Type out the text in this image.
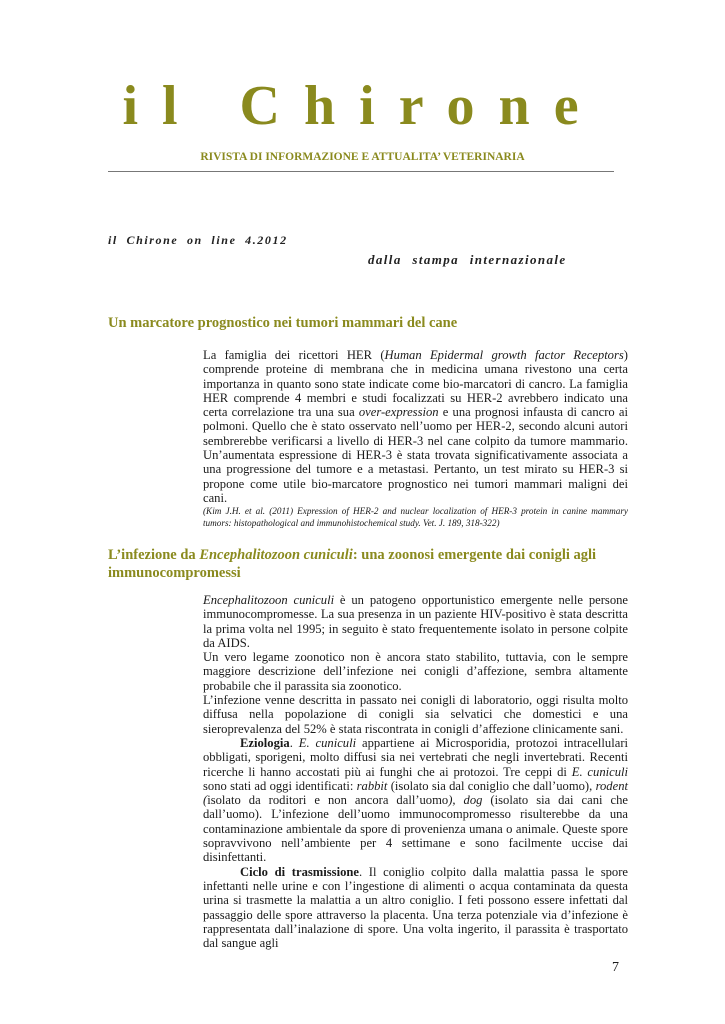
il Chirone
RIVISTA DI INFORMAZIONE E ATTUALITA’ VETERINARIA
il Chirone on line 4.2012
dalla stampa internazionale
Un marcatore prognostico nei tumori mammari del cane

La famiglia dei ricettori HER (Human Epidermal growth factor Receptors) comprende proteine di membrana che in medicina umana rivestono una certa importanza in quanto sono state indicate come bio-marcatori di cancro. La famiglia HER comprende 4 membri e studi focalizzati su HER-2 avrebbero indicato una certa correlazione tra una sua over-expression e una prognosi infausta di cancro ai polmoni. Quello che è stato osservato nell’uomo per HER-2, secondo alcuni autori sembrerebbe verificarsi a livello di HER-3 nel cane colpito da tumore mammario. Un’aumentata espressione di HER-3 è stata trovata significativamente associata a una progressione del tumore e a metastasi. Pertanto, un test mirato su HER-3 si propone come utile bio-marcatore prognostico nei tumori mammari maligni dei cani.

(Kim J.H. et al. (2011) Expression of HER-2 and nuclear localization of HER-3 protein in canine mammary tumors: histopathological and immunohistochemical study. Vet. J. 189, 318-322)
L’infezione da Encephalitozoon cuniculi: una zoonosi emergente dai conigli agli immunocompromessi

Encephalitozoon cuniculi è un patogeno opportunistico emergente nelle persone immunocompromesse. La sua presenza in un paziente HIV-positivo è stata descritta la prima volta nel 1995; in seguito è stato frequentemente isolato in persone colpite da AIDS.

Un vero legame zoonotico non è ancora stato stabilito, tuttavia, con le sempre maggiore descrizione dell’infezione nei conigli d’affezione, sembra altamente probabile che il parassita sia zoonotico.

L’infezione venne descritta in passato nei conigli di laboratorio, oggi risulta molto diffusa nella popolazione di conigli sia selvatici che domestici e una sieroprevalenza del 52% è stata riscontrata in conigli d’affezione clinicamente sani.

Eziologia. E. cuniculi appartiene ai Microsporidia, protozoi intracellulari obbligati, sporigeni, molto diffusi sia nei vertebrati che negli invertebrati. Recenti ricerche li hanno accostati più ai funghi che ai protozoi. Tre ceppi di E. cuniculi sono stati ad oggi identificati: rabbit (isolato sia dal coniglio che dall’uomo), rodent (isolato da roditori e non ancora dall’uomo), dog (isolato sia dai cani che dall’uomo). L’infezione dell’uomo immunocompromesso risulterebbe da una contaminazione ambientale da spore di provenienza umana o animale. Queste spore sopravvivono nell’ambiente per 4 settimane e sono facilmente uccise dai disinfettanti.

Ciclo di trasmissione. Il coniglio colpito dalla malattia passa le spore infettanti nelle urine e con l’ingestione di alimenti o acqua contaminata da questa urina si trasmette la malattia a un altro coniglio. I feti possono essere infettati dal passaggio delle spore attraverso la placenta. Una terza potenziale via d’infezione è rappresentata dall’inalazione di spore. Una volta ingerito, il parassita è trasportato dal sangue agli

7
